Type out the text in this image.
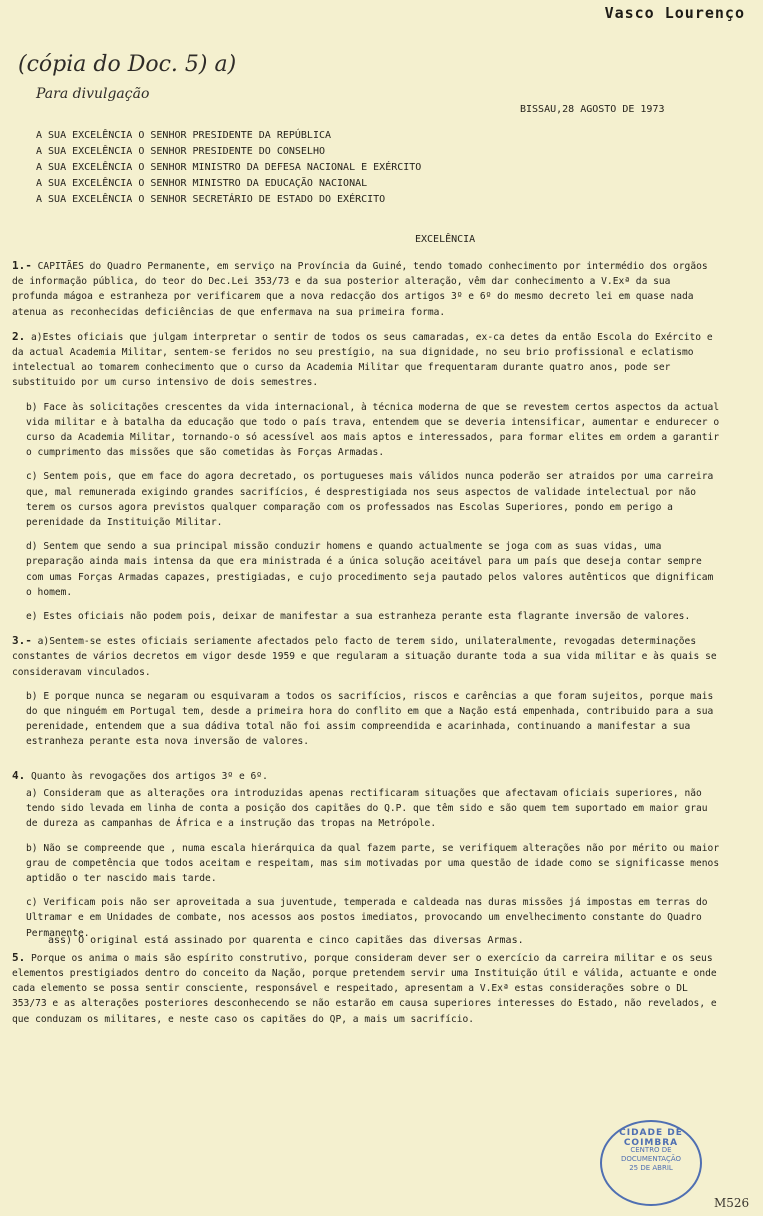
Vasco Lourenço
(cópia do Doc. 5) a)
Para divulgação
BISSAU,28 AGOSTO DE 1973
A SUA EXCELÊNCIA O SENHOR PRESIDENTE DA REPÚBLICA
A SUA EXCELÊNCIA O SENHOR PRESIDENTE DO CONSELHO
A SUA EXCELÊNCIA O SENHOR MINISTRO DA DEFESA NACIONAL E EXÉRCITO
A SUA EXCELÊNCIA O SENHOR MINISTRO DA EDUCAÇÃO NACIONAL
A SUA EXCELÊNCIA O SENHOR SECRETÁRIO DE ESTADO DO EXÉRCITO
EXCELÊNCIA

1.- CAPITÃES do Quadro Permanente, em serviço na Província da Guiné, tendo tomado conhecimento por intermédio dos orgãos de informação pública, do teor do Dec.Lei 353/73 e da sua posterior alteração, vêm dar conhecimento a V.Exª da sua profunda mágoa e estranheza por verificarem que a nova redacção dos artigos 3º e 6º do mesmo decreto lei em quase nada atenua as reconhecidas deficiências de que enfermava na sua primeira forma.

2. a)Estes oficiais que julgam interpretar o sentir de todos os seus camaradas, ex-ca detes da então Escola do Exército e da actual Academia Militar, sentem-se feridos no seu prestígio, na sua dignidade, no seu brio profissional e eclatismo intelectual ao tomarem conhecimento que o curso da Academia Militar que frequentaram durante quatro anos, pode ser substituido por um curso intensivo de dois semestres.

b) Face às solicitações crescentes da vida internacional, à técnica moderna de que se revestem certos aspectos da actual vida militar e à batalha da educação que todo o país trava, entendem que se deveria intensificar, aumentar e endurecer o curso da Academia Militar, tornando-o só acessível aos mais aptos e interessados, para formar elites em ordem a garantir o cumprimento das missões que são cometidas às Forças Armadas.

c) Sentem pois, que em face do agora decretado, os portugueses mais válidos nunca poderão ser atraidos por uma carreira que, mal remunerada exigindo grandes sacrifícios, é desprestigiada nos seus aspectos de validade intelectual por não terem os cursos agora previstos qualquer comparação com os professados nas Escolas Superiores, pondo em perigo a perenidade da Instituição Militar.

d) Sentem que sendo a sua principal missão conduzir homens e quando actualmente se joga com as suas vidas, uma preparação ainda mais intensa da que era ministrada é a única solução aceitável para um país que deseja contar sempre com umas Forças Armadas capazes, prestigiadas, e cujo procedimento seja pautado pelos valores autênticos que dignificam o homem.

e) Estes oficiais não podem pois, deixar de manifestar a sua estranheza perante esta flagrante inversão de valores.

3.- a)Sentem-se estes oficiais seriamente afectados pelo facto de terem sido, unilateralmente, revogadas determinações constantes de vários decretos em vigor desde 1959 e que regularam a situação durante toda a sua vida militar e às quais se consideravam vinculados.

b) E porque nunca se negaram ou esquivaram a todos os sacrifícios, riscos e carências a que foram sujeitos, porque mais do que ninguém em Portugal tem, desde a primeira hora do conflito em que a Nação está empenhada, contribuido para a sua perenidade, entendem que a sua dádiva total não foi assim compreendida e acarinhada, continuando a manifestar a sua estranheza perante esta nova inversão de valores.

4. Quanto às revogações dos artigos 3º e 6º.

a) Consideram que as alterações ora introduzidas apenas rectificaram situações que afectavam oficiais superiores, não tendo sido levada em linha de conta a posição dos capitães do Q.P. que têm sido e são quem tem suportado em maior grau de dureza as campanhas de África e a instrução das tropas na Metrópole.

b) Não se compreende que , numa escala hierárquica da qual fazem parte, se verifiquem alterações não por mérito ou maior grau de competência que todos aceitam e respeitam, mas sim motivadas por uma questão de idade como se significasse menos aptidão o ter nascido mais tarde.

c) Verificam pois não ser aproveitada a sua juventude, temperada e caldeada nas duras missões já impostas em terras do Ultramar e em Unidades de combate, nos acessos aos postos imediatos, provocando um envelhecimento constante do Quadro Permanente.

5. Porque os anima o mais são espírito construtivo, porque consideram dever ser o exercício da carreira militar e os seus elementos prestigiados dentro do conceito da Nação, porque pretendem servir uma Instituição útil e válida, actuante e onde cada elemento se possa sentir consciente, responsável e respeitado, apresentam a V.Exª estas considerações sobre o DL 353/73 e as alterações posteriores desconhecendo se não estarão em causa superiores interesses do Estado, não revelados, e que conduzam os militares, e neste caso os capitães do QP, a mais um sacrifício.

ass) O original está assinado por quarenta e cinco capitães das diversas Armas.
CIDADE DE COIMBRA
CENTRO DE DOCUMENTAÇÃO 25 DE ABRIL
M526
